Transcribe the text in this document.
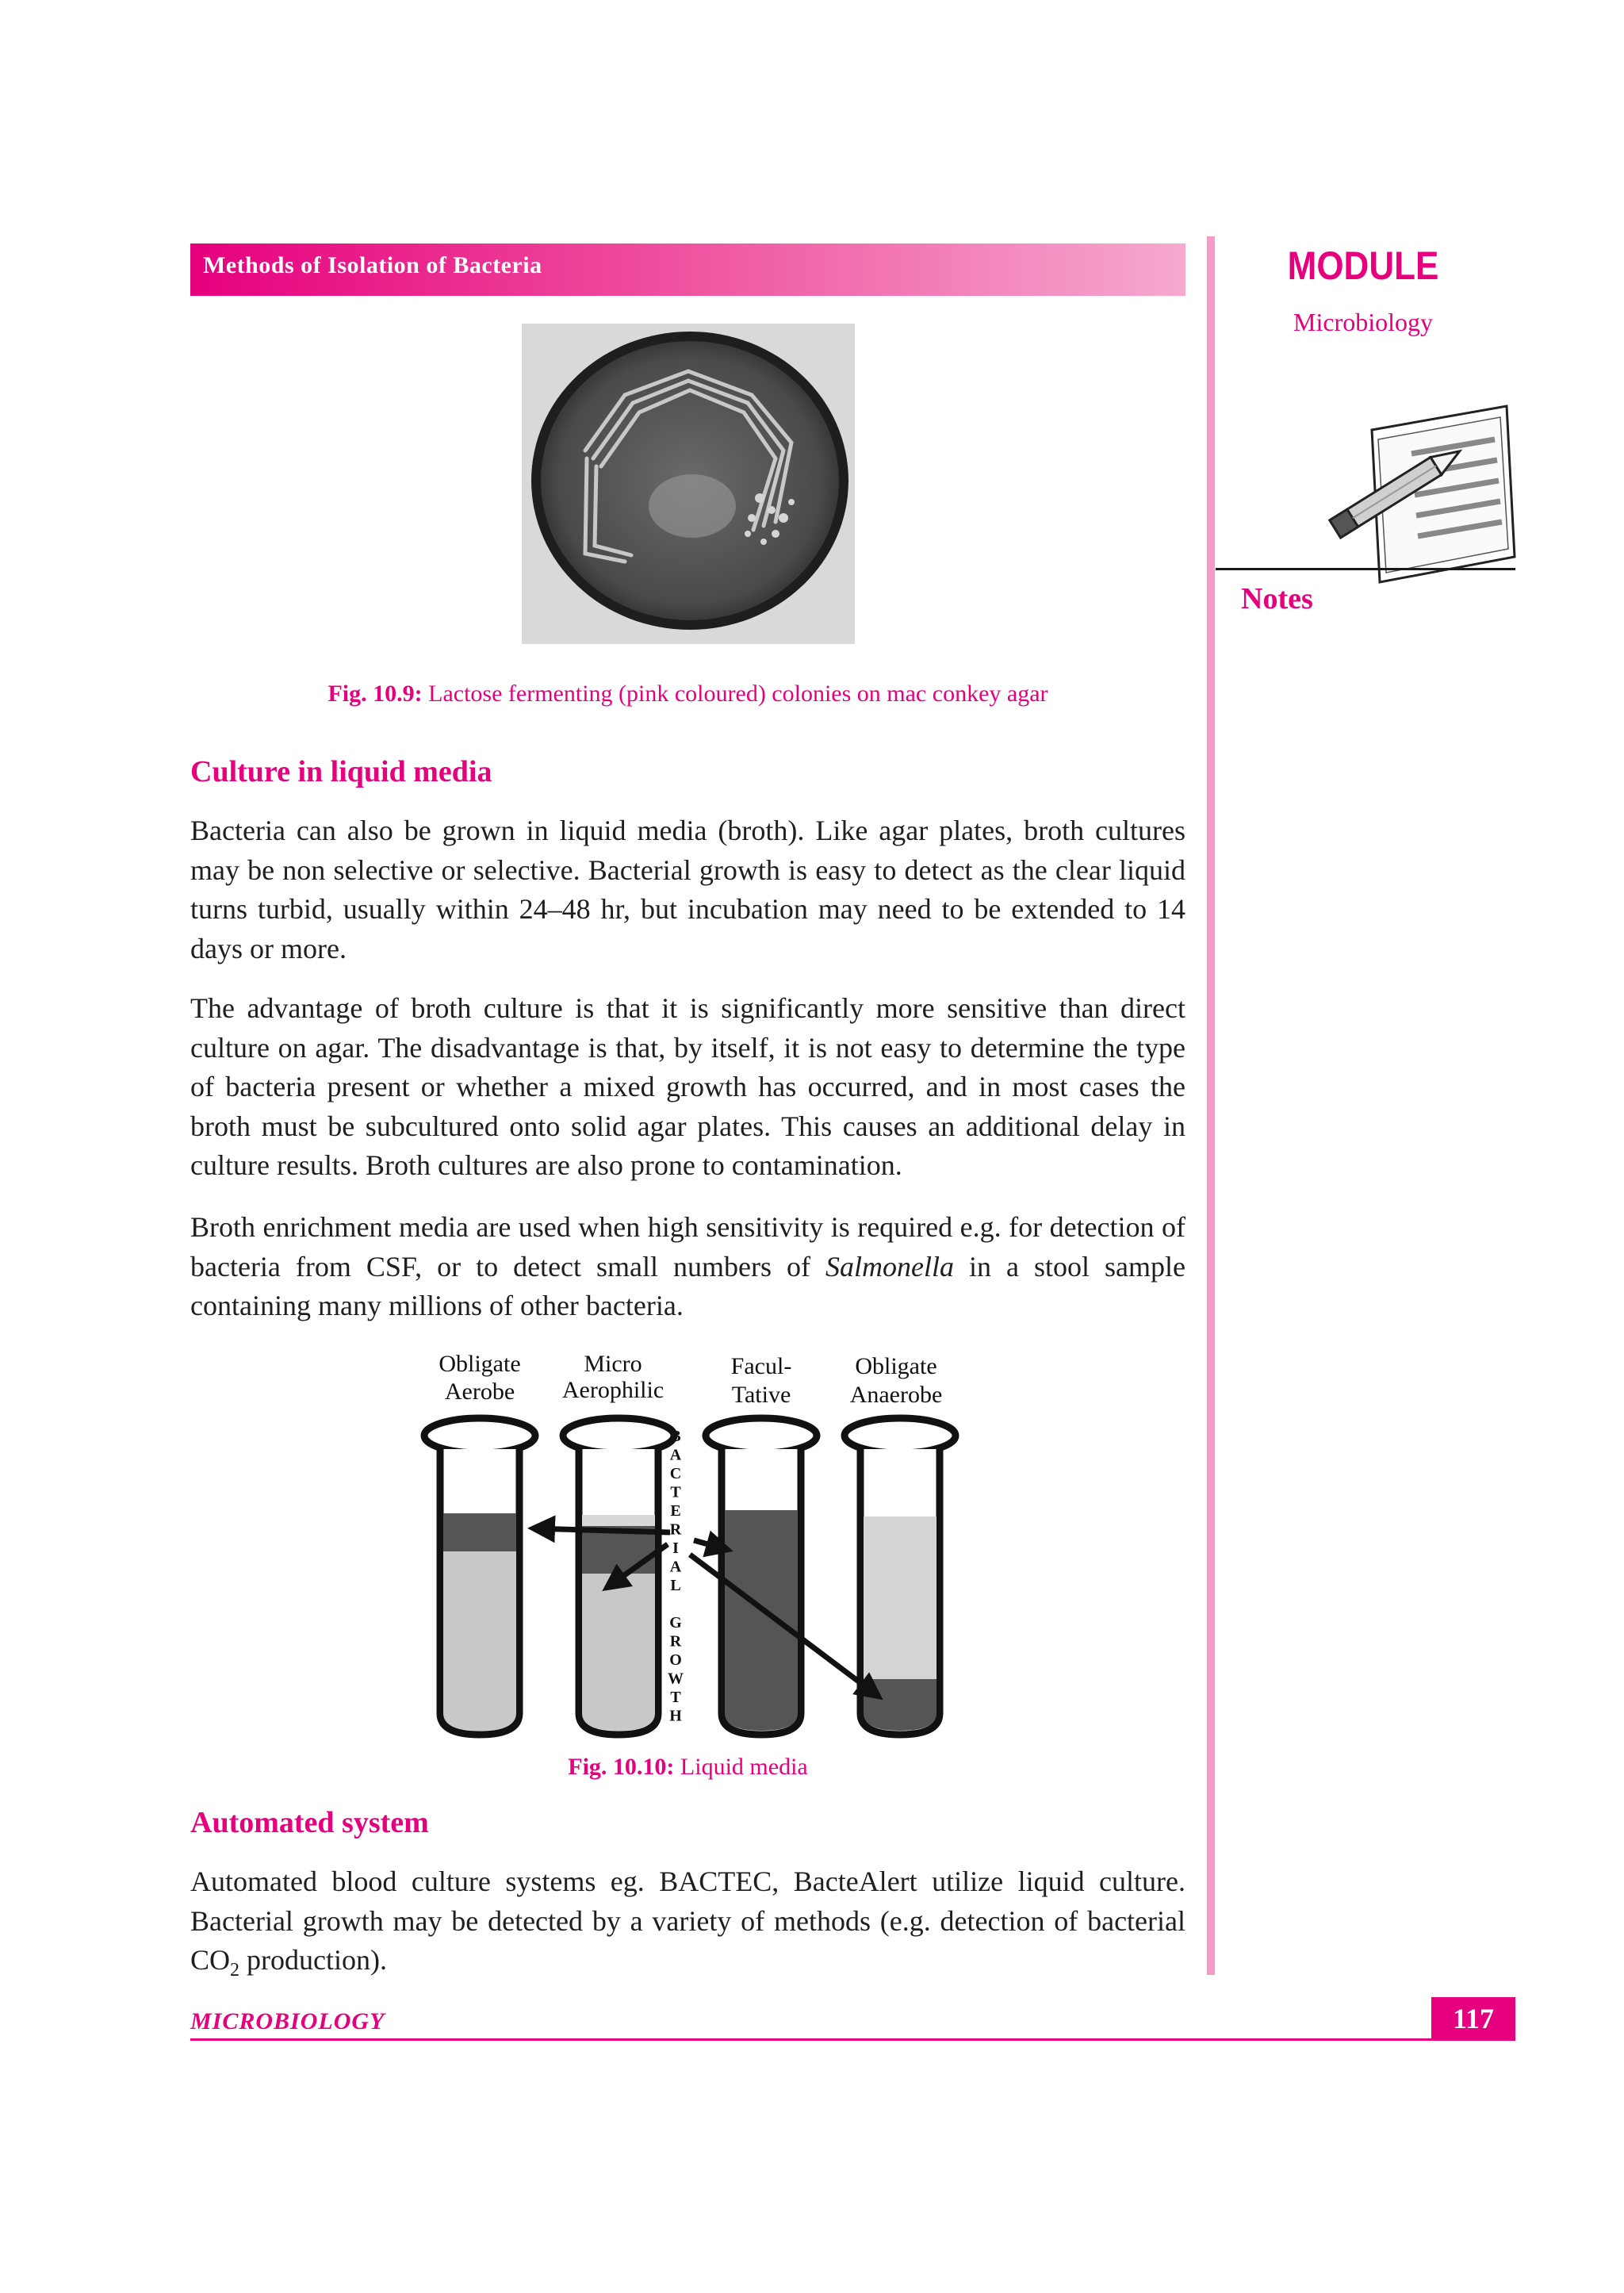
Methods of Isolation of Bacteria	MODULE
Microbiology
Notes
Fig. 10.9: Lactose fermenting (pink coloured) colonies on mac conkey agar
Culture in liquid media

Bacteria can also be grown in liquid media (broth). Like agar plates, broth cultures may be non selective or selective. Bacterial growth is easy to detect as the clear liquid turns turbid, usually within 24–48 hr, but incubation may need to be extended to 14 days or more.

The advantage of broth culture is that it is significantly more sensitive than direct culture on agar. The disadvantage is that, by itself, it is not easy to determine the type of bacteria present or whether a mixed growth has occurred, and in most cases the broth must be subcultured onto solid agar plates. This causes an additional delay in culture results. Broth cultures are also prone to contamination.

Broth enrichment media are used when high sensitivity is required e.g. for detection of bacteria from CSF, or to detect small numbers of Salmonella in a stool sample containing many millions of other bacteria.

Obligate
Aerobe
Micro
Aerophilic
Facul-
Tative
Obligate
Anaerobe
B
A
C
T
E
R
I
A
L
G
R
O
W
T
H
Fig. 10.10: Liquid media
Automated system

Automated blood culture systems eg. BACTEC, BacteAlert utilize liquid culture. Bacterial growth may be detected by a variety of methods (e.g. detection of bacterial $CO_2$ production).

MICROBIOLOGY	117
